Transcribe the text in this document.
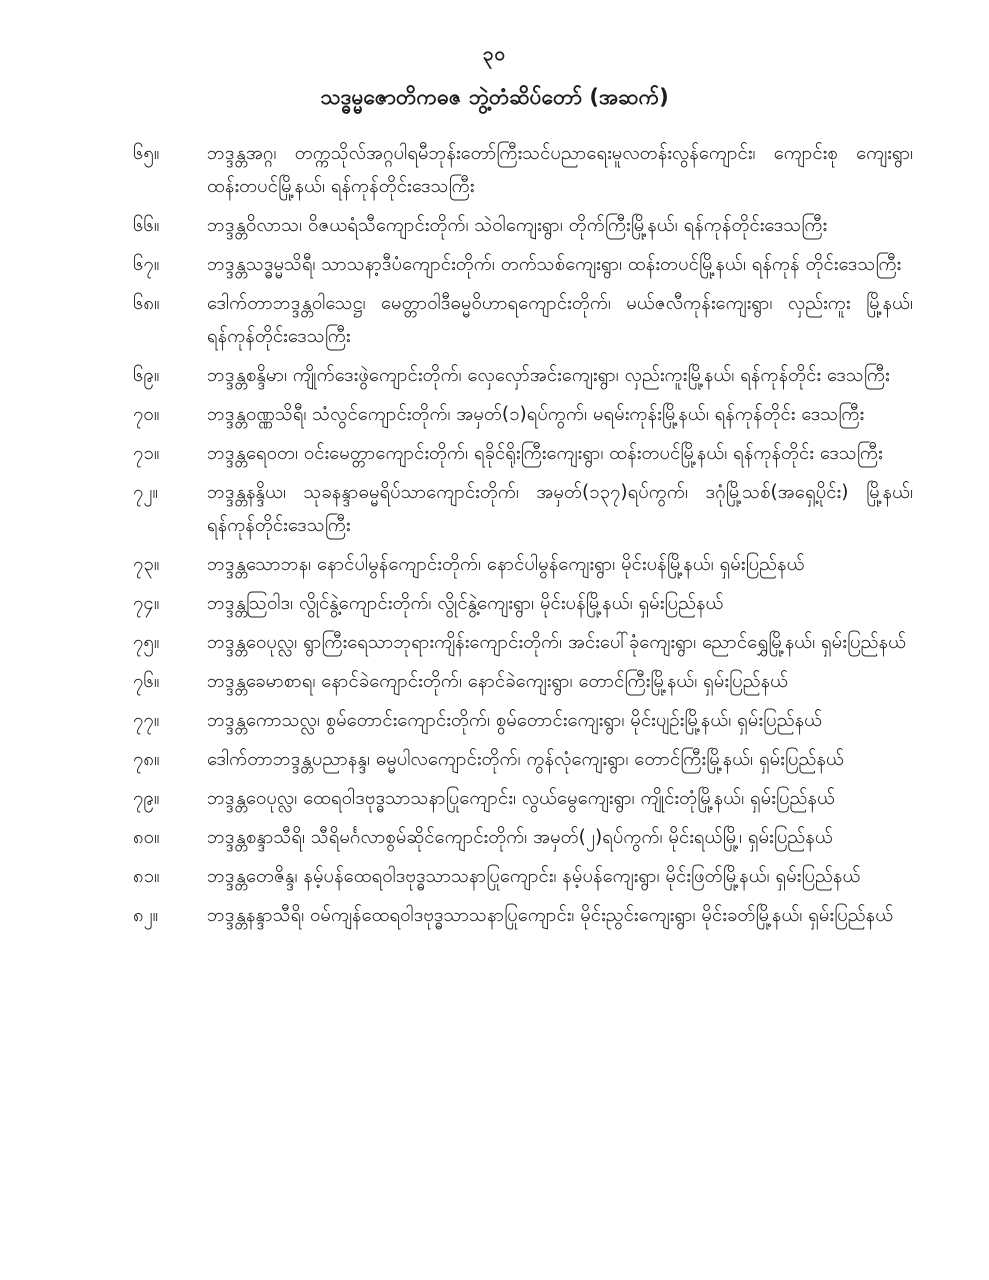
၃၀
သဒ္ဓမ္မဇောတိကဓဇ ဘွဲ့တံဆိပ်တော် (အဆက်)
၆၅။	ဘဒ္ဒန္တအဂ္ဂ၊ တက္ကသိုလ်အဂ္ဂပါရမီဘုန်းတော်ကြီးသင်ပညာရေးမူလတန်းလွန်ကျောင်း၊ ကျောင်းစု ကျေးရွာ၊ ထန်းတပင်မြို့နယ်၊ ရန်ကုန်တိုင်းဒေသကြီး
၆၆။	ဘဒ္ဒန္တဝိလာသ၊ ဝိဇယရံသီကျောင်းတိုက်၊ သဲဝါကျေးရွာ၊ တိုက်ကြီးမြို့နယ်၊ ရန်ကုန်တိုင်းဒေသကြီး
၆၇။	ဘဒ္ဒန္တသဒ္ဓမ္မသိရီ၊ သာသနာ့ဒီပံကျောင်းတိုက်၊ တက်သစ်ကျေးရွာ၊ ထန်းတပင်မြို့နယ်၊ ရန်ကုန် တိုင်းဒေသကြီး
၆၈။	ဒေါက်တာဘဒ္ဒန္တဝါသေဋ္ဌ၊ မေတ္တာဝါဒီဓမ္မဝိဟာရကျောင်းတိုက်၊ မယ်ဇလီကုန်းကျေးရွာ၊ လှည်းကူး မြို့နယ်၊ ရန်ကုန်တိုင်းဒေသကြီး
၆၉။	ဘဒ္ဒန္တစန္ဒိမာ၊ ကျိုက်ဒေးဖွဲကျောင်းတိုက်၊ လှေလှော်အင်းကျေးရွာ၊ လှည်းကူးမြို့နယ်၊ ရန်ကုန်တိုင်း ဒေသကြီး
၇၀။	ဘဒ္ဒန္တဝဏ္ဏသိရီ၊ သံလွင်ကျောင်းတိုက်၊ အမှတ်(၁)ရပ်ကွက်၊ မရမ်းကုန်းမြို့နယ်၊ ရန်ကုန်တိုင်း ဒေသကြီး
၇၁။	ဘဒ္ဒန္တရေဝတ၊ ဝင်းမေတ္တာကျောင်းတိုက်၊ ရခိုင်ရိုးကြီးကျေးရွာ၊ ထန်းတပင်မြို့နယ်၊ ရန်ကုန်တိုင်း ဒေသကြီး
၇၂။	ဘဒ္ဒန္တနန္ဒိယ၊ သုခနန္ဒာဓမ္မရိပ်သာကျောင်းတိုက်၊ အမှတ်(၁၃၇)ရပ်ကွက်၊ ဒဂုံမြို့သစ်(အရှေ့ပိုင်း) မြို့နယ်၊ ရန်ကုန်တိုင်းဒေသကြီး
၇၃။	ဘဒ္ဒန္တသောဘန၊ နောင်ပါမွန်ကျောင်းတိုက်၊ နောင်ပါမွန်ကျေးရွာ၊ မိုင်းပန်မြို့နယ်၊ ရှမ်းပြည်နယ်
၇၄။	ဘဒ္ဒန္တဩဝါဒ၊ လွိုင်နွဲ့ကျောင်းတိုက်၊ လွိုင်နွဲ့ကျေးရွာ၊ မိုင်းပန်မြို့နယ်၊ ရှမ်းပြည်နယ်
၇၅။	ဘဒ္ဒန္တဝေပုလ္လ၊ ရွာကြီးရေသာဘုရားကျိန်းကျောင်းတိုက်၊ အင်းပေါ်ခုံကျေးရွာ၊ ညောင်ရွှေမြို့နယ်၊ ရှမ်းပြည်နယ်
၇၆။	ဘဒ္ဒန္တခေမာစာရ၊ နောင်ခဲကျောင်းတိုက်၊ နောင်ခဲကျေးရွာ၊ တောင်ကြီးမြို့နယ်၊ ရှမ်းပြည်နယ်
၇၇။	ဘဒ္ဒန္တကောသလ္လ၊ စွမ်တောင်းကျောင်းတိုက်၊ စွမ်တောင်းကျေးရွာ၊ မိုင်းပျဉ်းမြို့နယ်၊ ရှမ်းပြည်နယ်
၇၈။	ဒေါက်တာဘဒ္ဒန္တပညာနန္ဒ၊ ဓမ္မပါလကျောင်းတိုက်၊ ကွန်လုံကျေးရွာ၊ တောင်ကြီးမြို့နယ်၊ ရှမ်းပြည်နယ်
၇၉။	ဘဒ္ဒန္တဝေပုလ္လ၊ ထေရဝါဒဗုဒ္ဓသာသနာပြုကျောင်း၊ လွယ်မွေကျေးရွာ၊ ကျိုင်းတုံမြို့နယ်၊ ရှမ်းပြည်နယ်
၈၀။	ဘဒ္ဒန္တစန္ဒာသီရိ၊ သီရိမင်္ဂလာစွမ်ဆိုင်ကျောင်းတိုက်၊ အမှတ်(၂)ရပ်ကွက်၊ မိုင်းရယ်မြို့၊ ရှမ်းပြည်နယ်
၈၁။	ဘဒ္ဒန္တတေဇိန္ဒ၊ နမ့်ပန်ထေရဝါဒဗုဒ္ဓသာသနာပြုကျောင်း၊ နမ့်ပန်ကျေးရွာ၊ မိုင်းဖြတ်မြို့နယ်၊ ရှမ်းပြည်နယ်
၈၂။	ဘဒ္ဒန္တနန္ဒာသီရိ၊ ဝမ်ကျန်ထေရဝါဒဗုဒ္ဓသာသနာပြုကျောင်း၊ မိုင်းညွင်းကျေးရွာ၊ မိုင်းခတ်မြို့နယ်၊ ရှမ်းပြည်နယ်
